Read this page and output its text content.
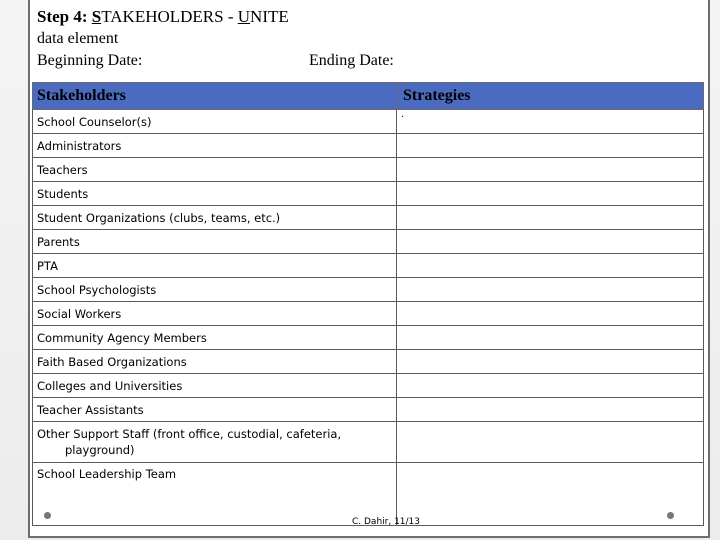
Step 4: STAKEHOLDERS - UNITE
data element
Beginning Date:	Ending Date:
Stakeholders	Strategies
School Counselor(s)	.
Administrators	
Teachers	
Students	
Student Organizations (clubs, teams, etc.)	
Parents	
PTA	
School Psychologists	
Social Workers	
Community Agency Members	
Faith Based Organizations	
Colleges and Universities	
Teacher Assistants	
Other Support Staff (front office, custodial, cafeteria,
playground)	

School Leadership Team	
C. Dahir, 11/13
